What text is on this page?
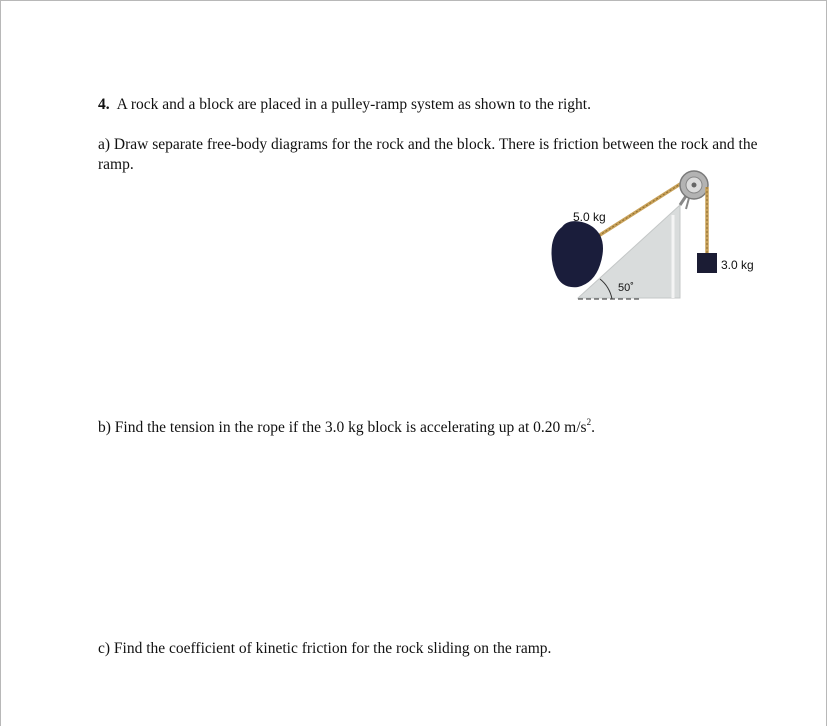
4. A rock and a block are placed in a pulley-ramp system as shown to the right.
a) Draw separate free-body diagrams for the rock and the block. There is friction between the rock and the ramp.
50˚
3.0 kg
5.0 kg
b) Find the tension in the rope if the 3.0 kg block is accelerating up at 0.20 $m/s^2$.
c) Find the coefficient of kinetic friction for the rock sliding on the ramp.
